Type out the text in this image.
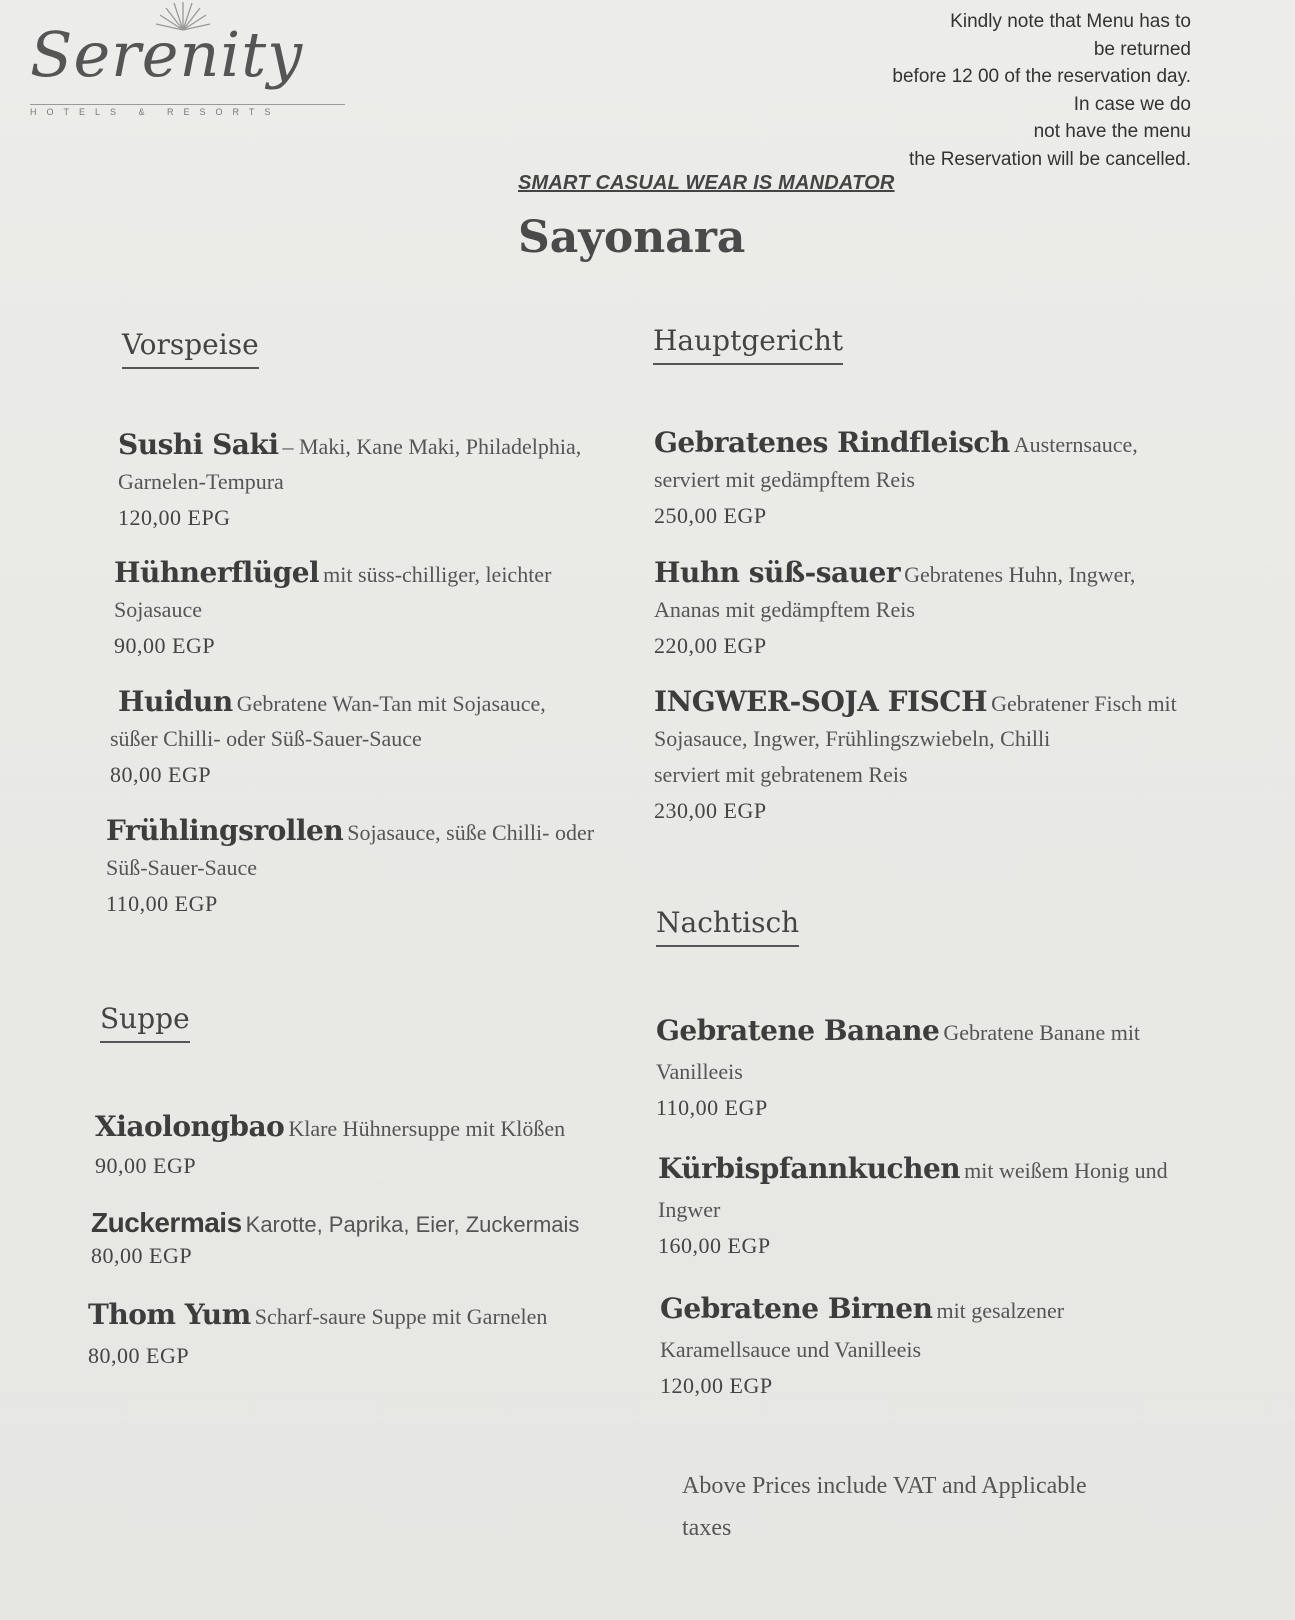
Serenity
HOTELS & RESORTS

Kindly note that Menu has to
be returned
before 12 00 of the reservation day.
In case we do
not have the menu
the Reservation will be cancelled.
SMART CASUAL WEAR IS MANDATOR
Sayonara
Vorspeise
Sushi Saki – Maki, Kane Maki, Philadelphia,
Garnelen-Tempura
120,00 EPG
Hühnerflügel mit süss-chilliger, leichter
Sojasauce
90,00 EGP
Huidun Gebratene Wan-Tan mit Sojasauce,
süßer Chilli- oder Süß-Sauer-Sauce
80,00 EGP
Frühlingsrollen Sojasauce, süße Chilli- oder
Süß-Sauer-Sauce
110,00 EGP
Suppe
Xiaolongbao Klare Hühnersuppe mit Klößen
90,00 EGP
Zuckermais Karotte, Paprika, Eier, Zuckermais
80,00 EGP
Thom Yum Scharf-saure Suppe mit Garnelen
80,00 EGP
Hauptgericht
Gebratenes Rindfleisch Austernsauce,
serviert mit gedämpftem Reis
250,00 EGP
Huhn süß-sauer Gebratenes Huhn, Ingwer,
Ananas mit gedämpftem Reis
220,00 EGP
INGWER-SOJA FISCH Gebratener Fisch mit
Sojasauce, Ingwer, Frühlingszwiebeln, Chilli
serviert mit gebratenem Reis
230,00 EGP
Nachtisch
Gebratene Banane Gebratene Banane mit
Vanilleeis
110,00 EGP
Kürbispfannkuchen mit weißem Honig und
Ingwer
160,00 EGP
Gebratene Birnen mit gesalzener
Karamellsauce und Vanilleeis
120,00 EGP
Above Prices include VAT and Applicable
taxes
